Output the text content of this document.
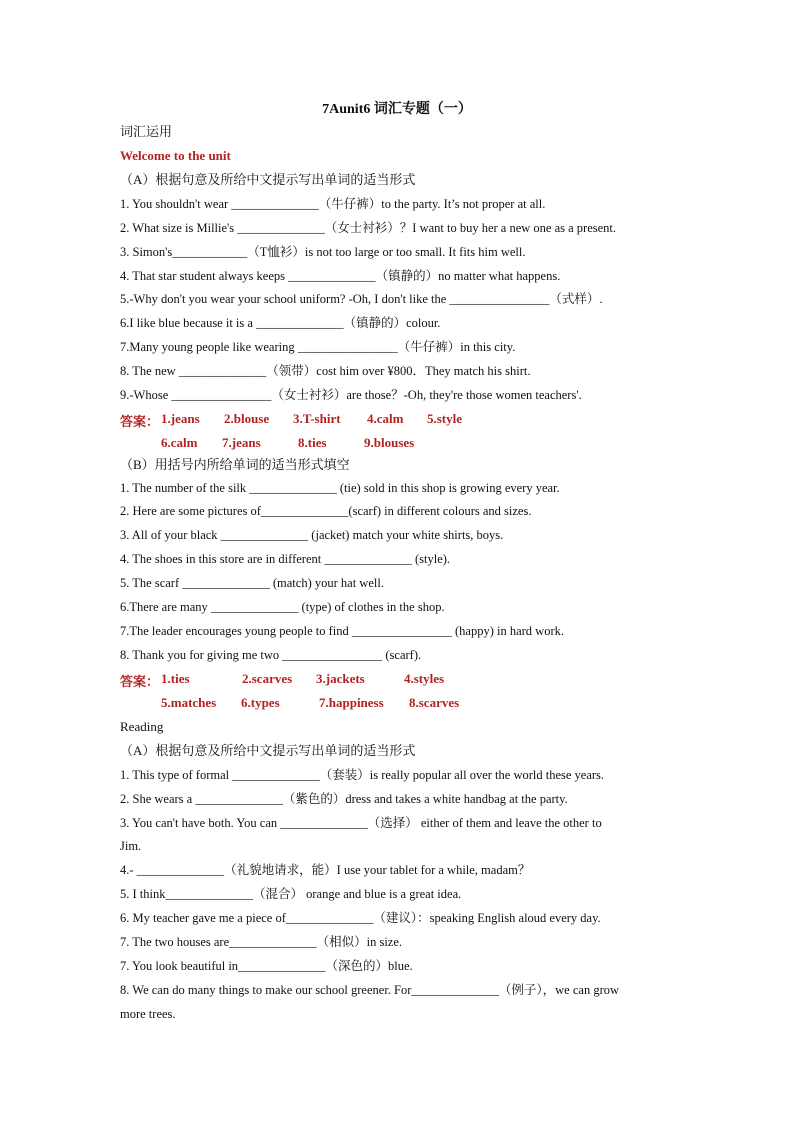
7Aunit6 词汇专题（一）
词汇运用
Welcome to the unit
（A）根据句意及所给中文提示写出单词的适当形式
1. You shouldn't wear ______________（牛仔裤）to the party. It’s not proper at all.
2. What size is Millie's ______________（女士衬衫）？I want to buy her a new one as a present.
3. Simon's____________（T恤衫）is not too large or too small. It fits him well.
4. That star student always keeps ______________（镇静的）no matter what happens.
5.-Why don't you wear your school uniform? -Oh, I don't like the ________________（式样）.
6.I like blue because it is a ______________（镇静的）colour.
7.Many young people like wearing ________________（牛仔裤）in this city.
8. The new ______________（领带）cost him over ¥800．They match his shirt.
9.-Whose ________________（女士衬衫）are those？-Oh, they're those women teachers'.
答案： 1.jeans 2.blouse 3.T-shirt 4.calm 5.style
6.calm 7.jeans	8.ties	9.blouses
（B）用括号内所给单词的适当形式填空
1. The number of the silk ______________ (tie) sold in this shop is growing every year.
2. Here are some pictures of______________(scarf) in different colours and sizes.
3. All of your black ______________ (jacket) match your white shirts, boys.
4. The shoes in this store are in different ______________ (style).
5. The scarf ______________ (match) your hat well.
6.There are many ______________ (type) of clothes in the shop.
7.The leader encourages young people to find ________________ (happy) in hard work.
8. Thank you for giving me two ________________ (scarf).
答案： 1.ties	2.scarves 3.jackets	4.styles
5.matches 6.types	7.happiness 8.scarves
Reading
（A）根据句意及所给中文提示写出单词的适当形式
1. This type of formal ______________（套装）is really popular all over the world these years.
2. She wears a ______________（紫色的）dress and takes a white handbag at the party.
3. You can't have both. You can ______________（选择） either of them and leave the other to
Jim.
4.- ______________（礼貌地请求，能）I use your tablet for a while, madam？
5. I think______________（混合） orange and blue is a great idea.
6. My teacher gave me a piece of______________（建议）：speaking English aloud every day.
7. The two houses are______________（相似）in size.
7. You look beautiful in______________（深色的）blue.
8. We can do many things to make our school greener. For______________（例子），we can grow
more trees.
